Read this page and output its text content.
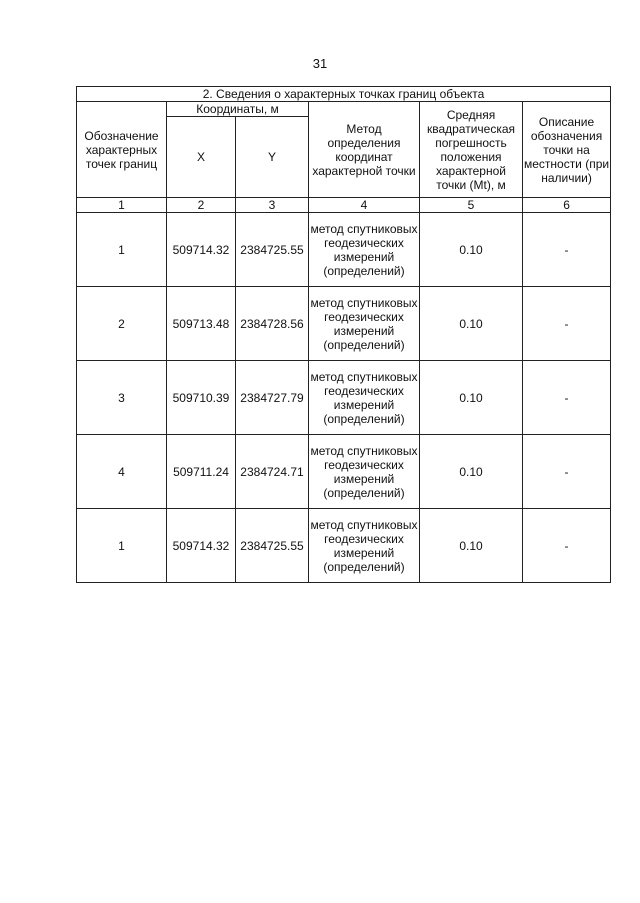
31
2. Сведения о характерных точках границ объекта					
Обозначение характерных точек границ	Координаты, м		Метод определения координат характерной точки	Средняя квадратическая погрешность положения характерной точки (Mt), м	Описание обозначения точки на местности (при наличии)
	X	Y			
1	2	3	4	5	6
1	509714.32	2384725.55	метод спутниковых геодезических измерений (определений)	0.10	-
2	509713.48	2384728.56	метод спутниковых геодезических измерений (определений)	0.10	-
3	509710.39	2384727.79	метод спутниковых геодезических измерений (определений)	0.10	-
4	509711.24	2384724.71	метод спутниковых геодезических измерений (определений)	0.10	-
1	509714.32	2384725.55	метод спутниковых геодезических измерений (определений)	0.10	-
